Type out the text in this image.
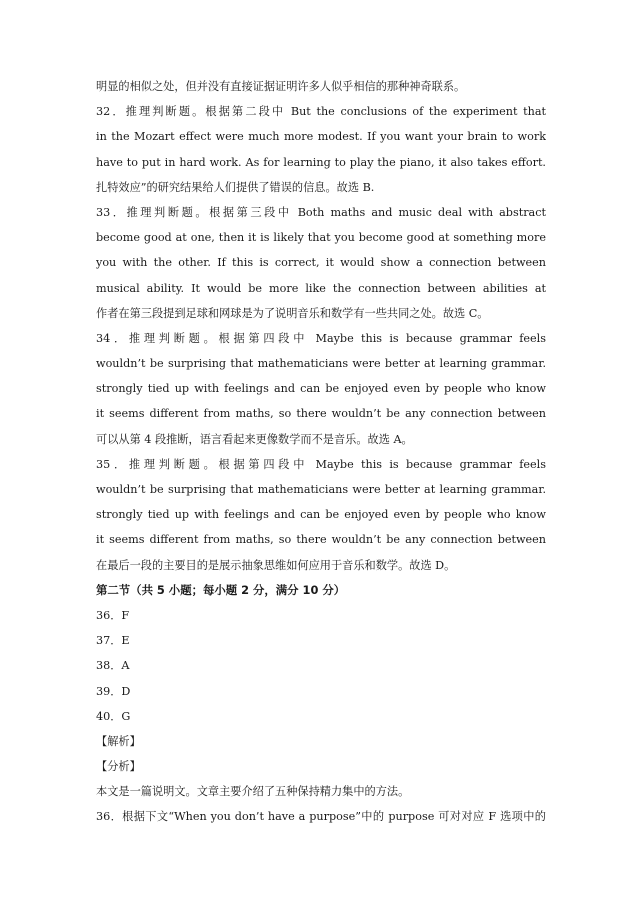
明显的相似之处，但并没有直接证据证明许多人似乎相信的那种神奇联系。
32．推理判断题。根据第二段中 But the conclusions of the experiment that
in the Mozart effect were much more modest. If you want your brain to work
have to put in hard work. As for learning to play the piano, it also takes effort.
扎特效应”的研究结果给人们提供了错误的信息。故选 B.
33．推理判断题。根据第三段中 Both maths and music deal with abstract
become good at one, then it is likely that you become good at something more
you with the other. If this is correct, it would show a connection between
musical ability. It would be more like the connection between abilities at
作者在第三段提到足球和网球是为了说明音乐和数学有一些共同之处。故选 C。
34．推理判断题。根据第四段中 Maybe this is because grammar feels
wouldn’t be surprising that mathematicians were better at learning grammar.
strongly tied up with feelings and can be enjoyed even by people who know
it seems different from maths, so there wouldn’t be any connection between
可以从第 4 段推断，语言看起来更像数学而不是音乐。故选 A。
35．推理判断题。根据第四段中 Maybe this is because grammar feels
wouldn’t be surprising that mathematicians were better at learning grammar.
strongly tied up with feelings and can be enjoyed even by people who know
it seems different from maths, so there wouldn’t be any connection between
在最后一段的主要目的是展示抽象思维如何应用于音乐和数学。故选 D。
第二节（共 5 小题；每小题 2 分，满分 10 分）
36．F
37．E
38．A
39．D
40．G
【解析】
【分析】
本文是一篇说明文。文章主要介绍了五种保持精力集中的方法。
36．根据下文“When you don’t have a purpose”中的 purpose 可对对应 F 选项中的
